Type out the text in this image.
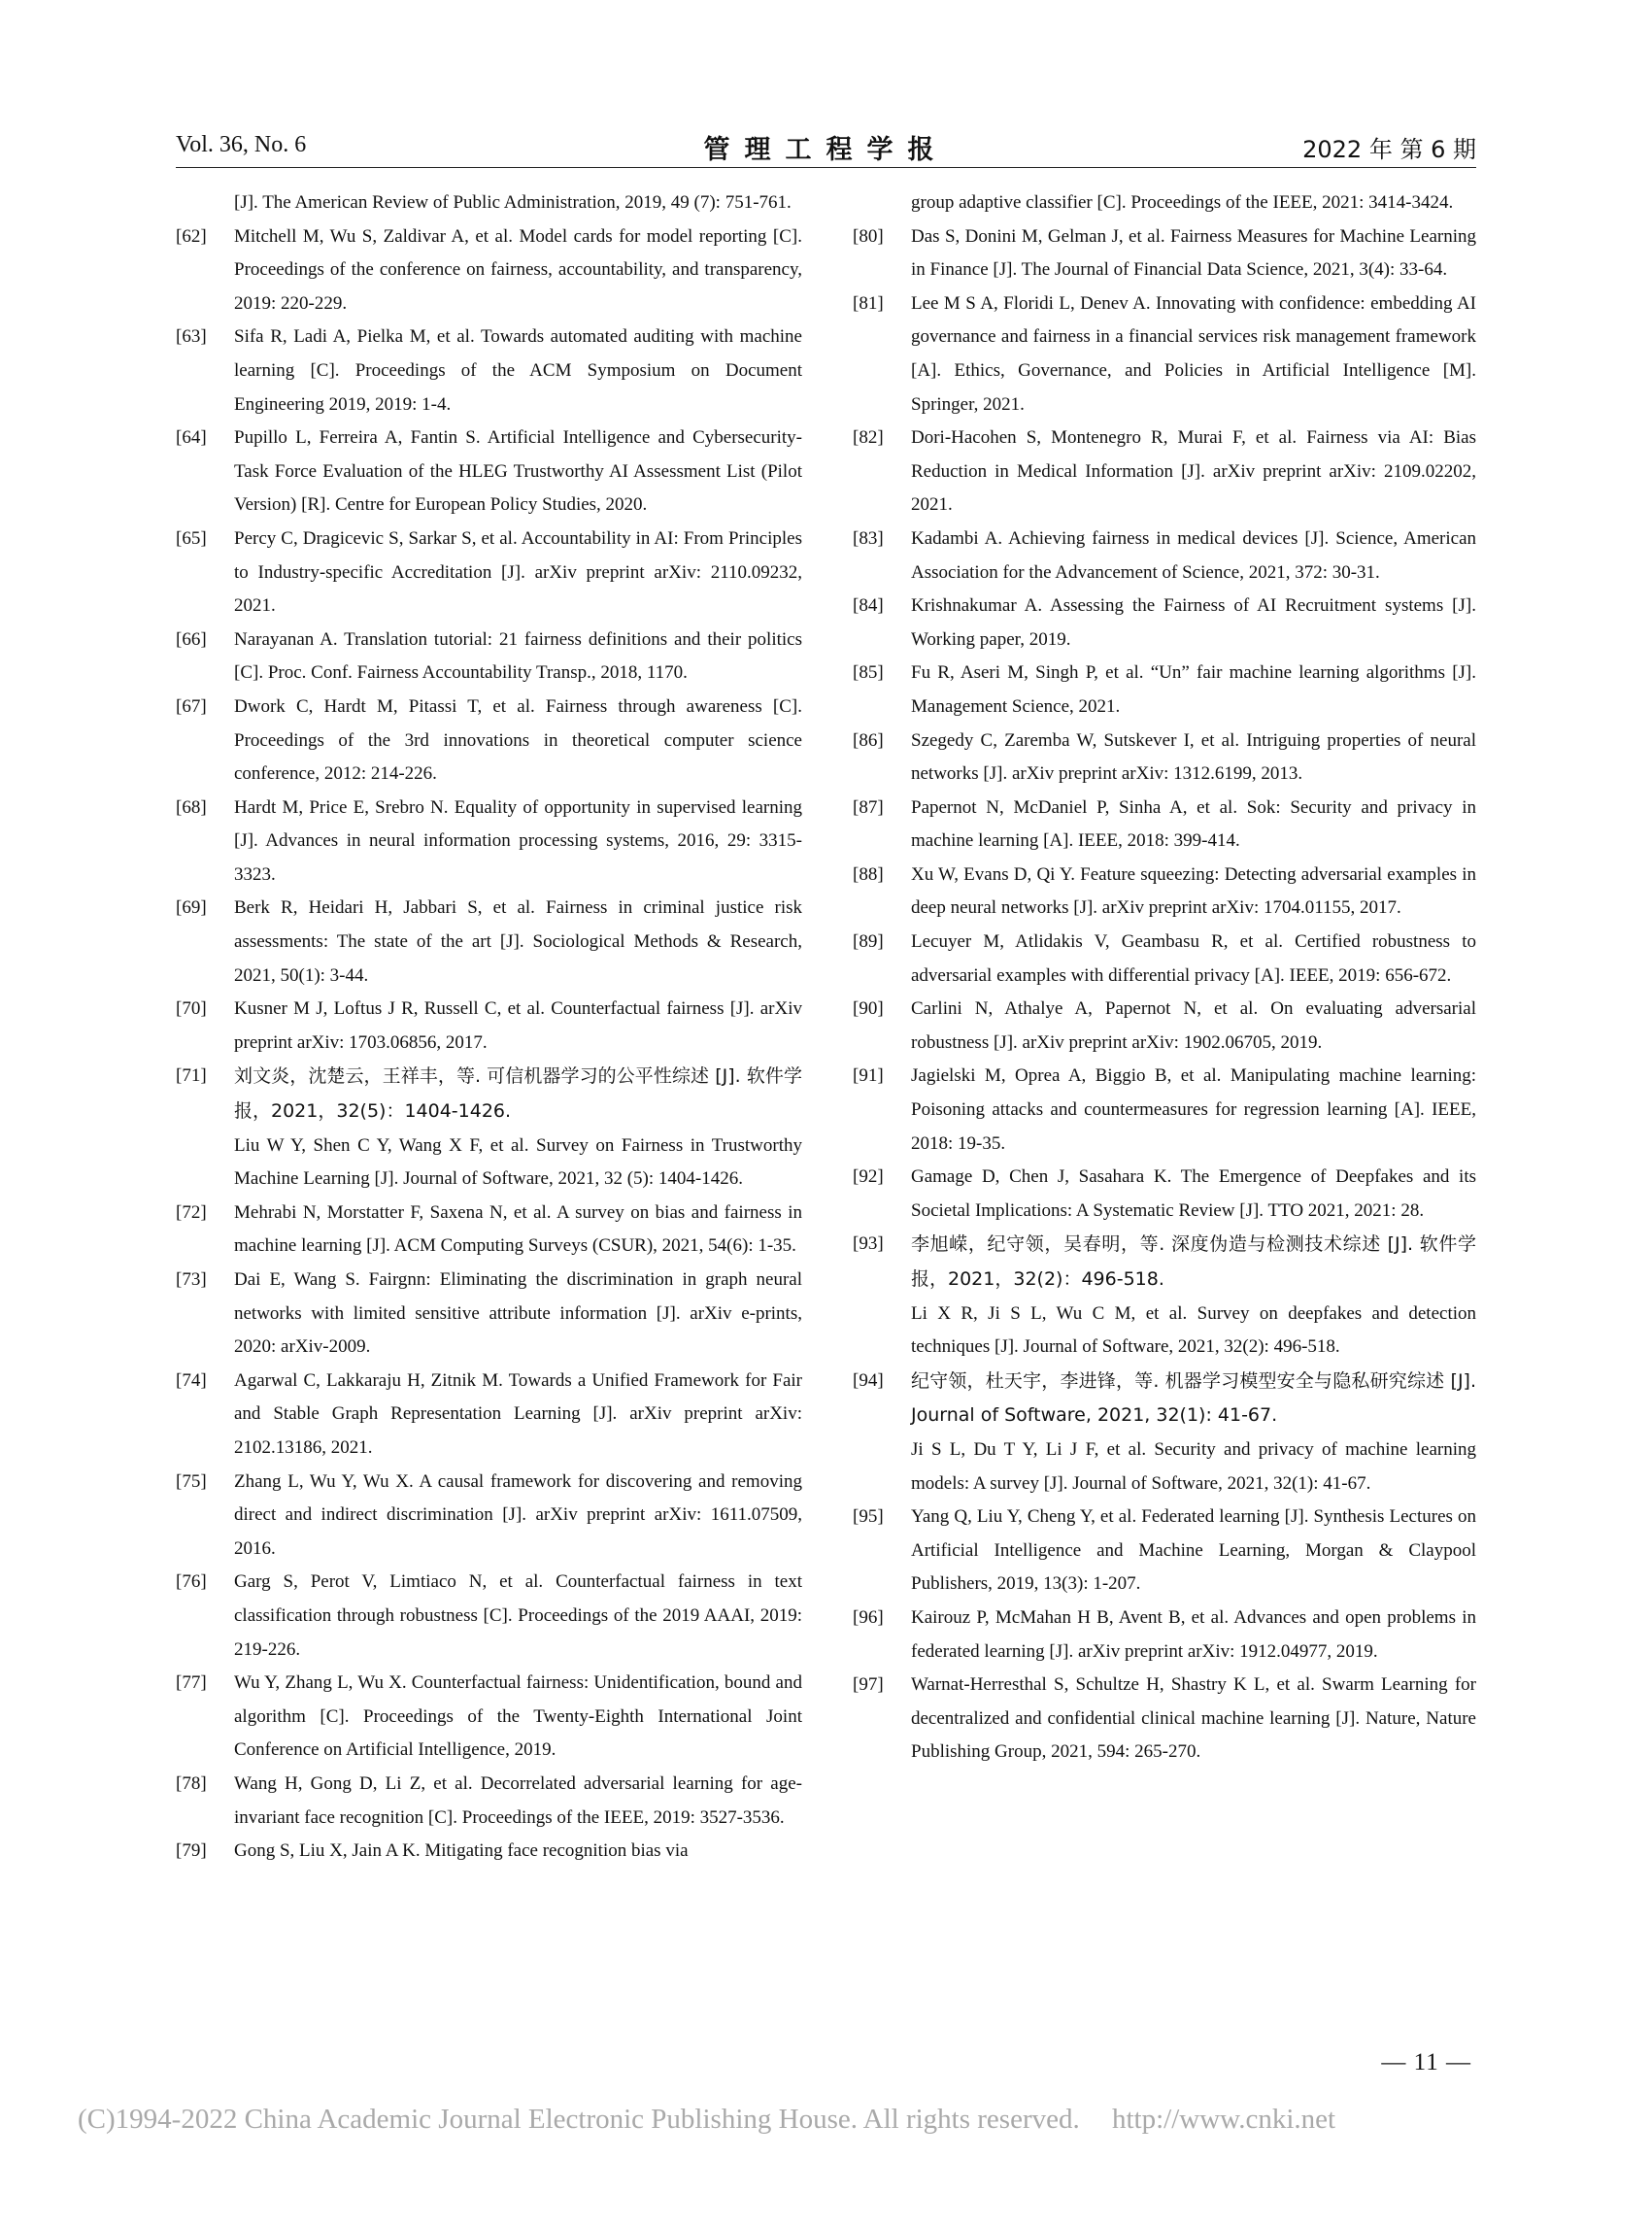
Vol. 36, No. 6	管理工程学报	2022 年 第 6 期
[J]. The American Review of Public Administration, 2019, 49 (7): 751-761.
[62] Mitchell M, Wu S, Zaldivar A, et al. Model cards for model reporting [C]. Proceedings of the conference on fairness, accountability, and transparency, 2019: 220-229.
[63] Sifa R, Ladi A, Pielka M, et al. Towards automated auditing with machine learning [C]. Proceedings of the ACM Symposium on Document Engineering 2019, 2019: 1-4.
[64] Pupillo L, Ferreira A, Fantin S. Artificial Intelligence and Cybersecurity-Task Force Evaluation of the HLEG Trustworthy AI Assessment List (Pilot Version) [R]. Centre for European Policy Studies, 2020.
[65] Percy C, Dragicevic S, Sarkar S, et al. Accountability in AI: From Principles to Industry-specific Accreditation [J]. arXiv preprint arXiv: 2110.09232, 2021.
[66] Narayanan A. Translation tutorial: 21 fairness definitions and their politics [C]. Proc. Conf. Fairness Accountability Transp., 2018, 1170.
[67] Dwork C, Hardt M, Pitassi T, et al. Fairness through awareness [C]. Proceedings of the 3rd innovations in theoretical computer science conference, 2012: 214-226.
[68] Hardt M, Price E, Srebro N. Equality of opportunity in supervised learning [J]. Advances in neural information processing systems, 2016, 29: 3315-3323.
[69] Berk R, Heidari H, Jabbari S, et al. Fairness in criminal justice risk assessments: The state of the art [J]. Sociological Methods & Research, 2021, 50(1): 3-44.
[70] Kusner M J, Loftus J R, Russell C, et al. Counterfactual fairness [J]. arXiv preprint arXiv: 1703.06856, 2017.
[71] 刘文炎，沈楚云，王祥丰，等. 可信机器学习的公平性综述 [J]. 软件学报，2021，32(5)：1404-1426.
Liu W Y, Shen C Y, Wang X F, et al. Survey on Fairness in Trustworthy Machine Learning [J]. Journal of Software, 2021, 32 (5): 1404-1426.
[72] Mehrabi N, Morstatter F, Saxena N, et al. A survey on bias and fairness in machine learning [J]. ACM Computing Surveys (CSUR), 2021, 54(6): 1-35.
[73] Dai E, Wang S. Fairgnn: Eliminating the discrimination in graph neural networks with limited sensitive attribute information [J]. arXiv e-prints, 2020: arXiv-2009.
[74] Agarwal C, Lakkaraju H, Zitnik M. Towards a Unified Framework for Fair and Stable Graph Representation Learning [J]. arXiv preprint arXiv: 2102.13186, 2021.
[75] Zhang L, Wu Y, Wu X. A causal framework for discovering and removing direct and indirect discrimination [J]. arXiv preprint arXiv: 1611.07509, 2016.
[76] Garg S, Perot V, Limtiaco N, et al. Counterfactual fairness in text classification through robustness [C]. Proceedings of the 2019 AAAI, 2019: 219-226.
[77] Wu Y, Zhang L, Wu X. Counterfactual fairness: Unidentification, bound and algorithm [C]. Proceedings of the Twenty-Eighth International Joint Conference on Artificial Intelligence, 2019.
[78] Wang H, Gong D, Li Z, et al. Decorrelated adversarial learning for age-invariant face recognition [C]. Proceedings of the IEEE, 2019: 3527-3536.
[79] Gong S, Liu X, Jain A K. Mitigating face recognition bias via
group adaptive classifier [C]. Proceedings of the IEEE, 2021: 3414-3424.
[80] Das S, Donini M, Gelman J, et al. Fairness Measures for Machine Learning in Finance [J]. The Journal of Financial Data Science, 2021, 3(4): 33-64.
[81] Lee M S A, Floridi L, Denev A. Innovating with confidence: embedding AI governance and fairness in a financial services risk management framework [A]. Ethics, Governance, and Policies in Artificial Intelligence [M]. Springer, 2021.
[82] Dori-Hacohen S, Montenegro R, Murai F, et al. Fairness via AI: Bias Reduction in Medical Information [J]. arXiv preprint arXiv: 2109.02202, 2021.
[83] Kadambi A. Achieving fairness in medical devices [J]. Science, American Association for the Advancement of Science, 2021, 372: 30-31.
[84] Krishnakumar A. Assessing the Fairness of AI Recruitment systems [J]. Working paper, 2019.
[85] Fu R, Aseri M, Singh P, et al. “Un” fair machine learning algorithms [J]. Management Science, 2021.
[86] Szegedy C, Zaremba W, Sutskever I, et al. Intriguing properties of neural networks [J]. arXiv preprint arXiv: 1312.6199, 2013.
[87] Papernot N, McDaniel P, Sinha A, et al. Sok: Security and privacy in machine learning [A]. IEEE, 2018: 399-414.
[88] Xu W, Evans D, Qi Y. Feature squeezing: Detecting adversarial examples in deep neural networks [J]. arXiv preprint arXiv: 1704.01155, 2017.
[89] Lecuyer M, Atlidakis V, Geambasu R, et al. Certified robustness to adversarial examples with differential privacy [A]. IEEE, 2019: 656-672.
[90] Carlini N, Athalye A, Papernot N, et al. On evaluating adversarial robustness [J]. arXiv preprint arXiv: 1902.06705, 2019.
[91] Jagielski M, Oprea A, Biggio B, et al. Manipulating machine learning: Poisoning attacks and countermeasures for regression learning [A]. IEEE, 2018: 19-35.
[92] Gamage D, Chen J, Sasahara K. The Emergence of Deepfakes and its Societal Implications: A Systematic Review [J]. TTO 2021, 2021: 28.
[93] 李旭嵘，纪守领，吴春明，等. 深度伪造与检测技术综述 [J]. 软件学报，2021，32(2)：496-518.
Li X R, Ji S L, Wu C M, et al. Survey on deepfakes and detection techniques [J]. Journal of Software, 2021, 32(2): 496-518.
[94] 纪守领，杜天宇，李进锋，等. 机器学习模型安全与隐私研究综述 [J]. Journal of Software, 2021, 32(1): 41-67.
Ji S L, Du T Y, Li J F, et al. Security and privacy of machine learning models: A survey [J]. Journal of Software, 2021, 32(1): 41-67.
[95] Yang Q, Liu Y, Cheng Y, et al. Federated learning [J]. Synthesis Lectures on Artificial Intelligence and Machine Learning, Morgan & Claypool Publishers, 2019, 13(3): 1-207.
[96] Kairouz P, McMahan H B, Avent B, et al. Advances and open problems in federated learning [J]. arXiv preprint arXiv: 1912.04977, 2019.
[97] Warnat-Herresthal S, Schultze H, Shastry K L, et al. Swarm Learning for decentralized and confidential clinical machine learning [J]. Nature, Nature Publishing Group, 2021, 594: 265-270.
— 11 —
(C)1994-2022 China Academic Journal Electronic Publishing House. All rights reserved. http://www.cnki.net
